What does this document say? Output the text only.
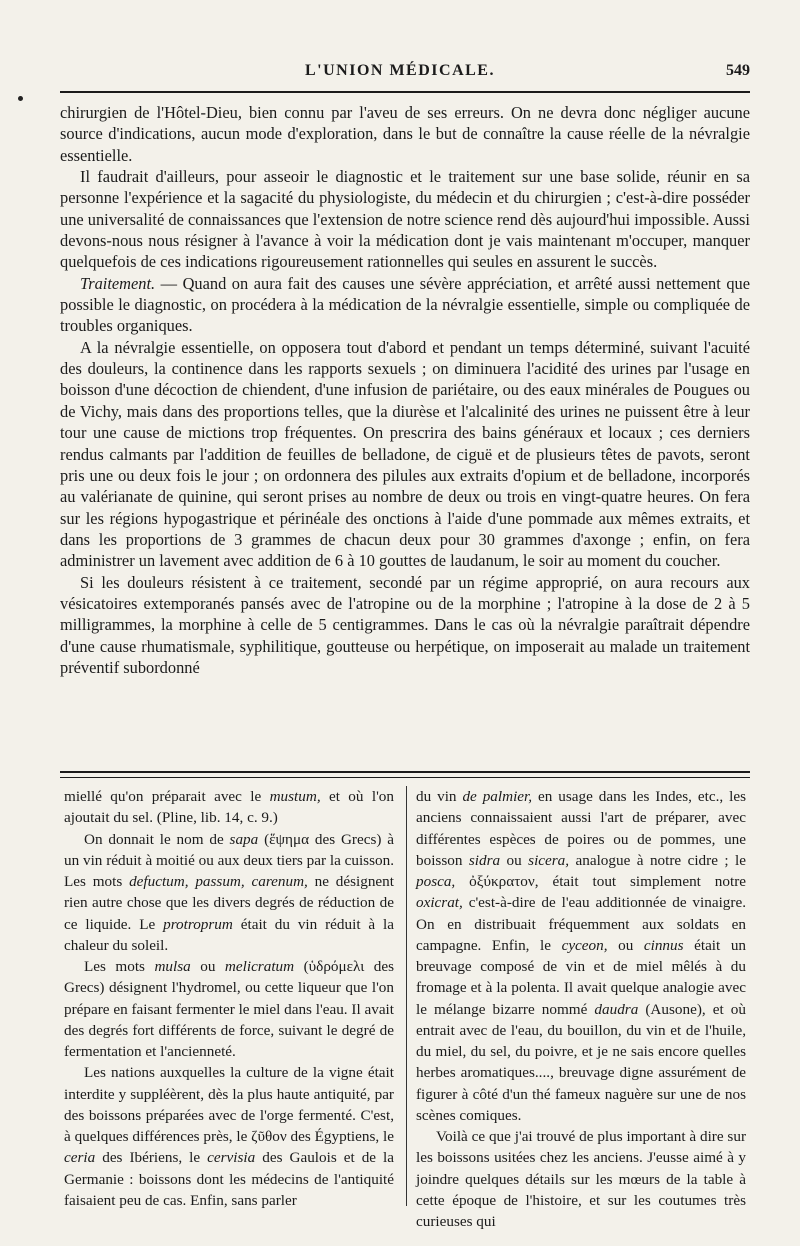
L'UNION MÉDICALE.	549

chirurgien de l'Hôtel-Dieu, bien connu par l'aveu de ses erreurs. On ne devra donc négliger aucune source d'indications, aucun mode d'exploration, dans le but de connaître la cause réelle de la névralgie essentielle.

Il faudrait d'ailleurs, pour asseoir le diagnostic et le traitement sur une base solide, réunir en sa personne l'expérience et la sagacité du physiologiste, du médecin et du chirurgien ; c'est-à-dire posséder une universalité de connaissances que l'extension de notre science rend dès aujourd'hui impossible. Aussi devons-nous nous résigner à l'avance à voir la médication dont je vais maintenant m'occuper, manquer quelquefois de ces indications rigoureusement rationnelles qui seules en assurent le succès.

Traitement. — Quand on aura fait des causes une sévère appréciation, et arrêté aussi nettement que possible le diagnostic, on procédera à la médication de la névralgie essentielle, simple ou compliquée de troubles organiques.

A la névralgie essentielle, on opposera tout d'abord et pendant un temps déterminé, suivant l'acuité des douleurs, la continence dans les rapports sexuels ; on diminuera l'acidité des urines par l'usage en boisson d'une décoction de chiendent, d'une infusion de pariétaire, ou des eaux minérales de Pougues ou de Vichy, mais dans des proportions telles, que la diurèse et l'alcalinité des urines ne puissent être à leur tour une cause de mictions trop fréquentes. On prescrira des bains généraux et locaux ; ces derniers rendus calmants par l'addition de feuilles de belladone, de ciguë et de plusieurs têtes de pavots, seront pris une ou deux fois le jour ; on ordonnera des pilules aux extraits d'opium et de belladone, incorporés au valérianate de quinine, qui seront prises au nombre de deux ou trois en vingt-quatre heures. On fera sur les régions hypogastrique et périnéale des onctions à l'aide d'une pommade aux mêmes extraits, et dans les proportions de 3 grammes de chacun deux pour 30 grammes d'axonge ; enfin, on fera administrer un lavement avec addition de 6 à 10 gouttes de laudanum, le soir au moment du coucher.

Si les douleurs résistent à ce traitement, secondé par un régime approprié, on aura recours aux vésicatoires extemporanés pansés avec de l'atropine ou de la morphine ; l'atropine à la dose de 2 à 5 milligrammes, la morphine à celle de 5 centigrammes. Dans le cas où la névralgie paraîtrait dépendre d'une cause rhumatismale, syphilitique, goutteuse ou herpétique, on imposerait au malade un traitement préventif subordonné

miellé qu'on préparait avec le mustum, et où l'on ajoutait du sel. (Pline, lib. 14, c. 9.)

On donnait le nom de sapa (ἕψημα des Grecs) à un vin réduit à moitié ou aux deux tiers par la cuisson. Les mots defuctum, passum, carenum, ne désignent rien autre chose que les divers degrés de réduction de ce liquide. Le protroprum était du vin réduit à la chaleur du soleil.

Les mots mulsa ou melicratum (ὑδρόμελι des Grecs) désignent l'hydromel, ou cette liqueur que l'on prépare en faisant fermenter le miel dans l'eau. Il avait des degrés fort différents de force, suivant le degré de fermentation et l'ancienneté.

Les nations auxquelles la culture de la vigne était interdite y suppléèrent, dès la plus haute antiquité, par des boissons préparées avec de l'orge fermenté. C'est, à quelques différences près, le ζῦθον des Égyptiens, le ceria des Ibériens, le cervisia des Gaulois et de la Germanie : boissons dont les médecins de l'antiquité faisaient peu de cas. Enfin, sans parler

du vin de palmier, en usage dans les Indes, etc., les anciens connaissaient aussi l'art de préparer, avec différentes espèces de poires ou de pommes, une boisson sidra ou sicera, analogue à notre cidre ; le posca, ὀξύκρατον, était tout simplement notre oxicrat, c'est-à-dire de l'eau additionnée de vinaigre. On en distribuait fréquemment aux soldats en campagne. Enfin, le cyceon, ou cinnus était un breuvage composé de vin et de miel mêlés à du fromage et à la polenta. Il avait quelque analogie avec le mélange bizarre nommé daudra (Ausone), et où entrait avec de l'eau, du bouillon, du vin et de l'huile, du miel, du sel, du poivre, et je ne sais encore quelles herbes aromatiques...., breuvage digne assurément de figurer à côté d'un thé fameux naguère sur une de nos scènes comiques.

Voilà ce que j'ai trouvé de plus important à dire sur les boissons usitées chez les anciens. J'eusse aimé à y joindre quelques détails sur les mœurs de la table à cette époque de l'histoire, et sur les coutumes très curieuses qui
